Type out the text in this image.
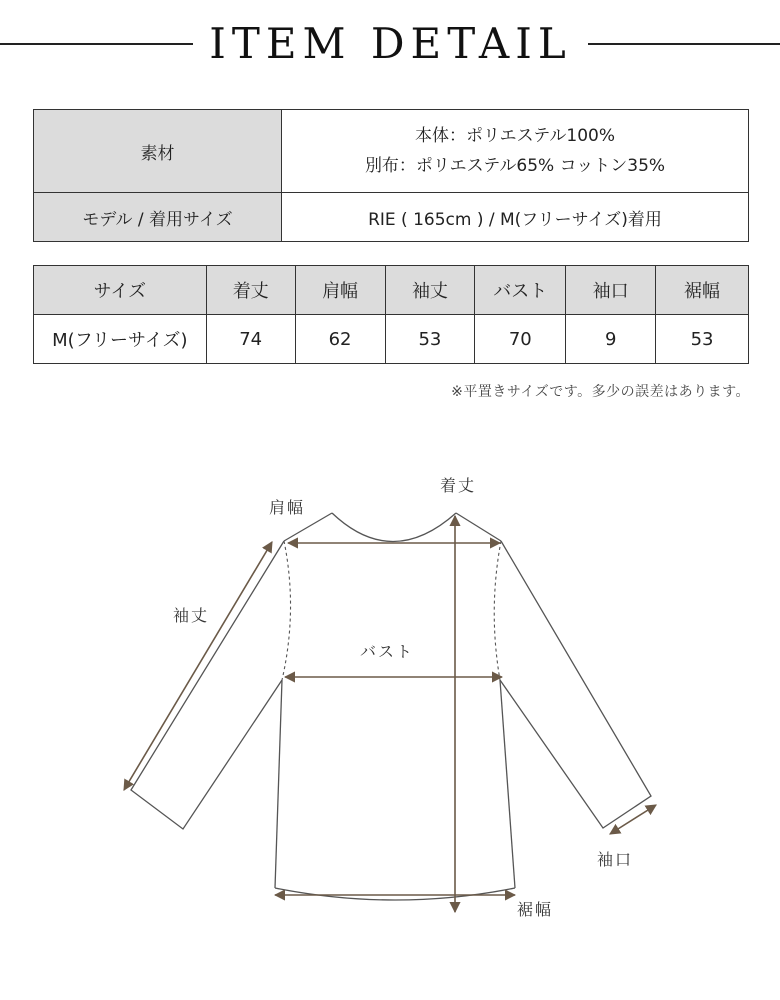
ITEM DETAIL
素材	本体：ポリエステル100%
別布：ポリエステル65% コットン35%

モデル / 着用サイズ	RIE ( 165cm ) / M(フリーサイズ)着用
サイズ	着丈	肩幅	袖丈	バスト	袖口	裾幅
M(フリーサイズ)	74	62	53	70	9	53
※平置きサイズです。多少の誤差はあります。
着丈
肩幅
袖丈
バスト
袖口
裾幅
